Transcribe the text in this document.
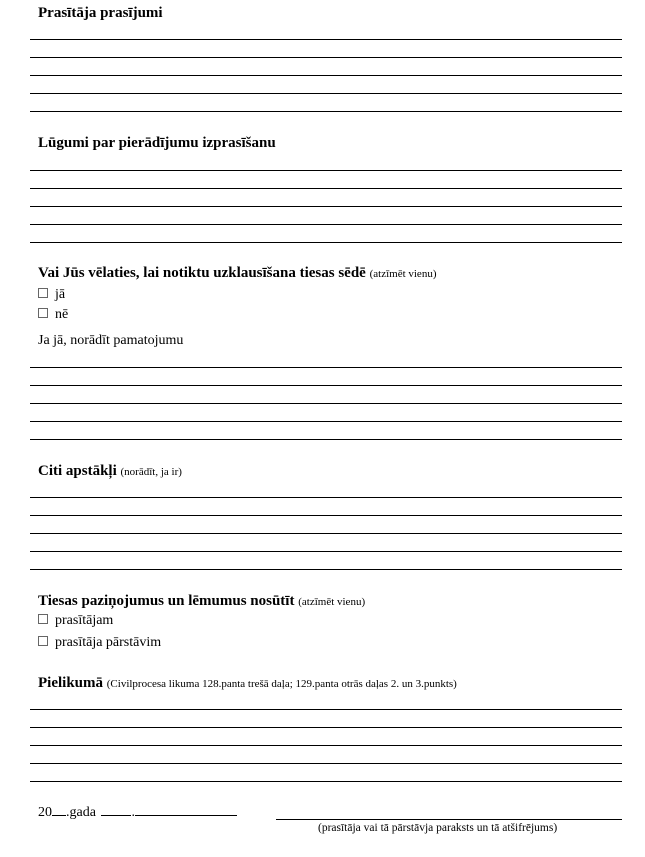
Prasītāja prasījumi
Lūgumi par pierādījumu izprasīšanu
Vai Jūs vēlaties, lai notiktu uzklausīšana tiesas sēdē (atzīmēt vienu)
jā
nē
Ja jā, norādīt pamatojumu
Citi apstākļi (norādīt, ja ir)
Tiesas paziņojumus un lēmumus nosūtīt (atzīmēt vienu)
prasītājam
prasītāja pārstāvim
Pielikumā (Civilprocesa likuma 128.panta trešā daļa; 129.panta otrās daļas 2. un 3.punkts)
20 .gada	.
(prasītāja vai tā pārstāvja paraksts un tā atšifrējums)
